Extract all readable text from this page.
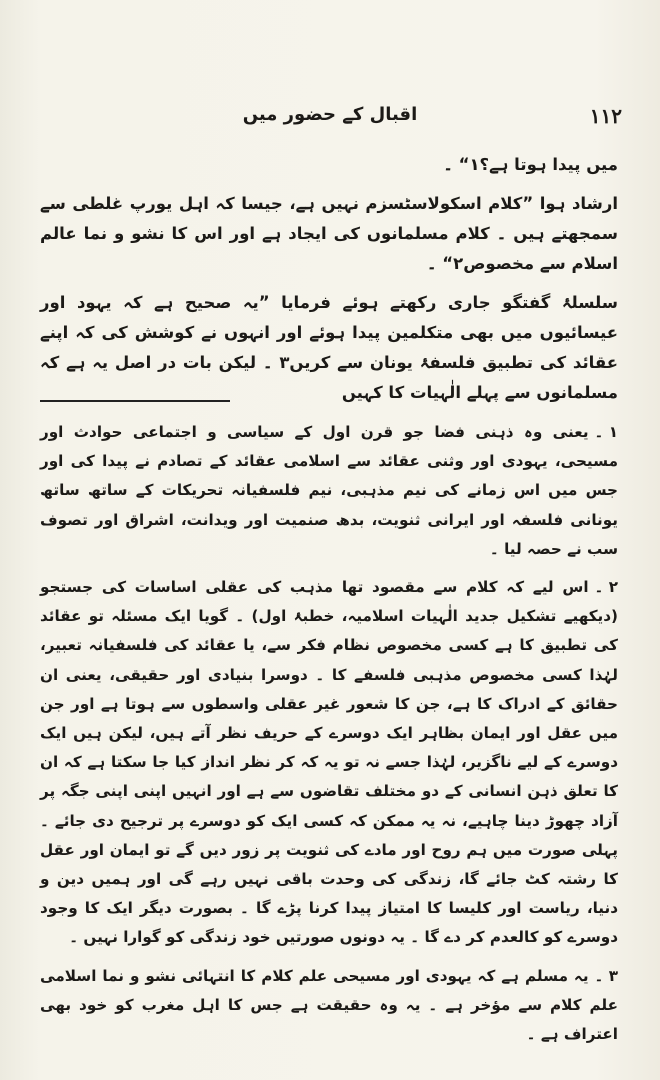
١١٢
اقبال کے حضور میں

میں پیدا ہوتا ہے؟۱“ ۔

ارشاد ہوا ”کلام اسکولاسٹسزم نہیں ہے، جیسا کہ اہل یورپ غلطی سے سمجھتے ہیں ۔ کلام مسلمانوں کی ایجاد ہے اور اس کا نشو و نما عالم اسلام سے مخصوص۲“ ۔

سلسلۂ گفتگو جاری رکھتے ہوئے فرمایا ”یہ صحیح ہے کہ یہود اور عیسائیوں میں بھی متکلمین پیدا ہوئے اور انہوں نے کوشش کی کہ اپنے عقائد کی تطبیق فلسفۂ یونان سے کریں۳ ۔ لیکن بات در اصل یہ ہے کہ مسلمانوں سے پہلے الٰہیات کا کہیں

۱ ۔یعنی وہ ذہنی فضا جو قرن اول کے سیاسی و اجتماعی حوادث اور مسیحی، یہودی اور وثنی عقائد سے اسلامی عقائد کے تصادم نے پیدا کی اور جس میں اس زمانے کی نیم مذہبی، نیم فلسفیانہ تحریکات کے ساتھ ساتھ یونانی فلسفہ اور ایرانی ثنویت، بدھ صنمیت اور ویدانت، اشراق اور تصوف سب نے حصہ لیا ۔

۲ ۔اس لیے کہ کلام سے مقصود تھا مذہب کی عقلی اساسات کی جستجو (دیکھیے تشکیل جدید الٰہیات اسلامیہ، خطبۂ اول) ۔ گویا ایک مسئلہ تو عقائد کی تطبیق کا ہے کسی مخصوص نظام فکر سے، یا عقائد کی فلسفیانہ تعبیر، لہٰذا کسی مخصوص مذہبی فلسفے کا ۔ دوسرا بنیادی اور حقیقی، یعنی ان حقائق کے ادراک کا ہے، جن کا شعور غیر عقلی واسطوں سے ہوتا ہے اور جن میں عقل اور ایمان بظاہر ایک دوسرے کے حریف نظر آتے ہیں، لیکن ہیں ایک دوسرے کے لیے ناگزیر، لہٰذا جسے نہ تو یہ کہ کر نظر انداز کیا جا سکتا ہے کہ ان کا تعلق ذہن انسانی کے دو مختلف تقاضوں سے ہے اور انہیں اپنی اپنی جگہ پر آزاد چھوڑ دینا چاہیے، نہ یہ ممکن کہ کسی ایک کو دوسرے پر ترجیح دی جائے ۔ پہلی صورت میں ہم روح اور مادے کی ثنویت پر زور دیں گے تو ایمان اور عقل کا رشتہ کٹ جائے گا، زندگی کی وحدت باقی نہیں رہے گی اور ہمیں دین و دنیا، ریاست اور کلیسا کا امتیاز پیدا کرنا پڑے گا ۔ بصورت دیگر ایک کا وجود دوسرے کو کالعدم کر دے گا ۔ یہ دونوں صورتیں خود زندگی کو گوارا نہیں ۔

۳ ۔یہ مسلم ہے کہ یہودی اور مسیحی علم کلام کا انتہائی نشو و نما اسلامی علم کلام سے مؤخر ہے ۔ یہ وہ حقیقت ہے جس کا اہل مغرب کو خود بھی اعتراف ہے ۔
